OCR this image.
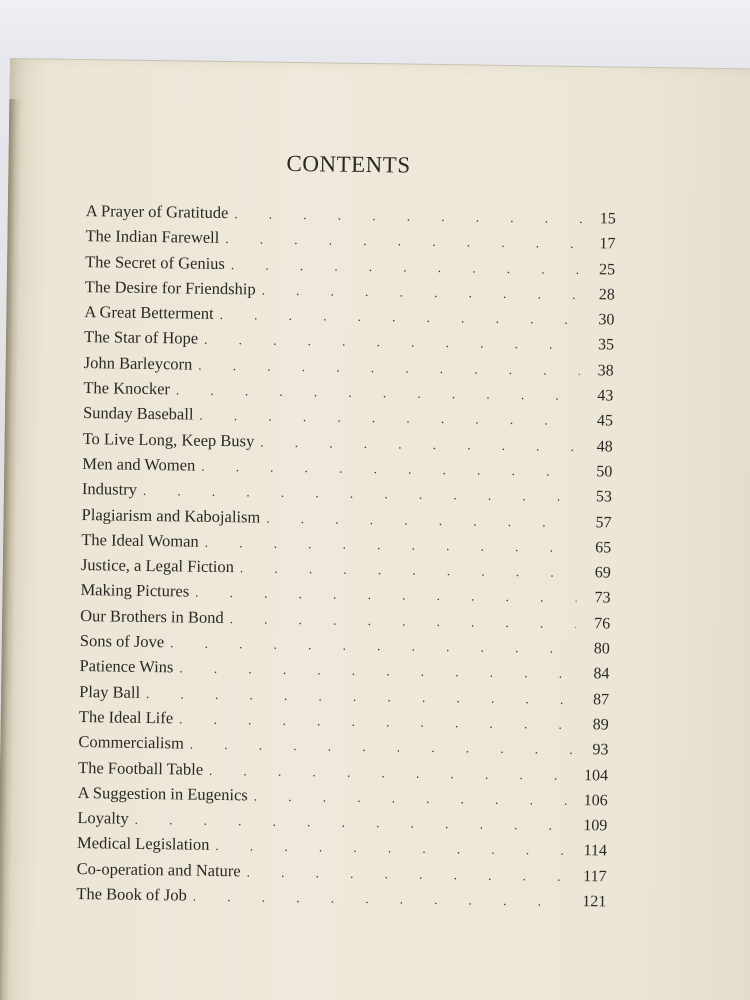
CONTENTS
A Prayer of Gratitude . . .	15
The Indian Farewell . . .	17
The Secret of Genius . . .	25
The Desire for Friendship . . .	28
A Great Betterment . . .	30
The Star of Hope . . .	35
John Barleycorn . . .	38
The Knocker . . .	43
Sunday Baseball . . .	45
To Live Long, Keep Busy . . .	48
Men and Women . . .	50
Industry . . .	53
Plagiarism and Kabojalism . . .	57
The Ideal Woman . . .	65
Justice, a Legal Fiction . . .	69
Making Pictures . . .	73
Our Brothers in Bond . . .	76
Sons of Jove . . .	80
Patience Wins . . .	84
Play Ball . . .	87
The Ideal Life . . .	89
Commercialism . . .	93
The Football Table . . .	104
A Suggestion in Eugenics . . .	106
Loyalty . . .	109
Medical Legislation . . .	114
Co-operation and Nature . . .	117
The Book of Job . . .	121
